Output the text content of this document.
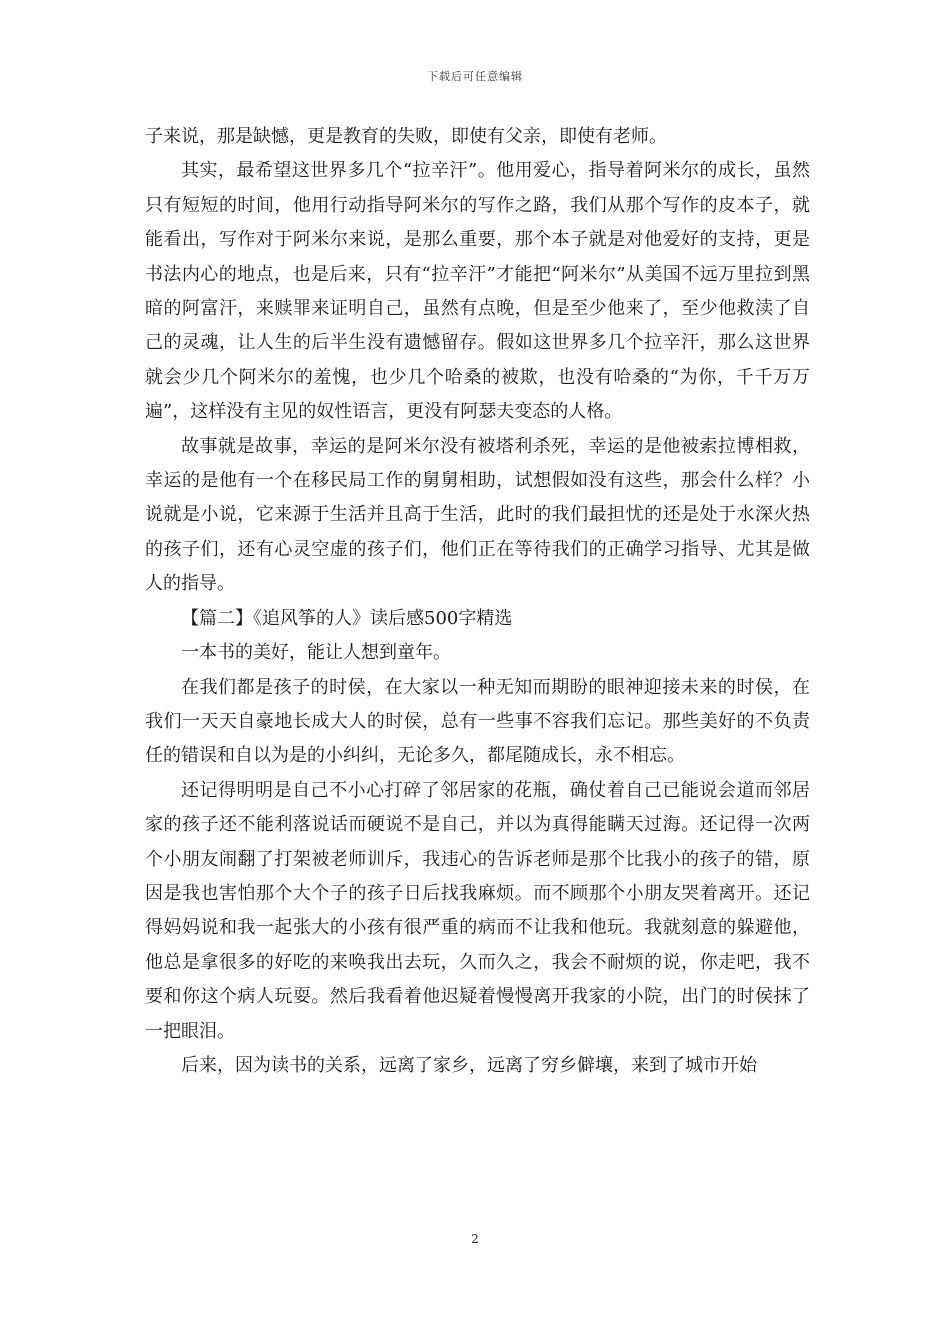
下载后可任意编辑

子来说，那是缺憾，更是教育的失败，即使有父亲，即使有老师。

其实，最希望这世界多几个“拉辛汗”。他用爱心，指导着阿米尔的成长，虽然只有短短的时间，他用行动指导阿米尔的写作之路，我们从那个写作的皮本子，就能看出，写作对于阿米尔来说，是那么重要，那个本子就是对他爱好的支持，更是书法内心的地点，也是后来，只有“拉辛汗”才能把“阿米尔”从美国不远万里拉到黑暗的阿富汗，来赎罪来证明自己，虽然有点晚，但是至少他来了，至少他救渎了自己的灵魂，让人生的后半生没有遗憾留存。假如这世界多几个拉辛汗，那么这世界就会少几个阿米尔的羞愧，也少几个哈桑的被欺，也没有哈桑的“为你，千千万万遍”，这样没有主见的奴性语言，更没有阿瑟夫变态的人格。

故事就是故事，幸运的是阿米尔没有被塔利杀死，幸运的是他被索拉博相救，幸运的是他有一个在移民局工作的舅舅相助，试想假如没有这些，那会什么样？小说就是小说，它来源于生活并且高于生活，此时的我们最担忧的还是处于水深火热的孩子们，还有心灵空虚的孩子们，他们正在等待我们的正确学习指导、尤其是做人的指导。

【篇二】《追风筝的人》读后感500字精选

一本书的美好，能让人想到童年。

在我们都是孩子的时侯，在大家以一种无知而期盼的眼神迎接未来的时侯，在我们一天天自豪地长成大人的时侯，总有一些事不容我们忘记。那些美好的不负责任的错误和自以为是的小纠纠，无论多久，都尾随成长，永不相忘。

还记得明明是自己不小心打碎了邻居家的花瓶，确仗着自己已能说会道而邻居家的孩子还不能利落说话而硬说不是自己，并以为真得能瞒天过海。还记得一次两个小朋友闹翻了打架被老师训斥，我违心的告诉老师是那个比我小的孩子的错，原因是我也害怕那个大个子的孩子日后找我麻烦。而不顾那个小朋友哭着离开。还记得妈妈说和我一起张大的小孩有很严重的病而不让我和他玩。我就刻意的躲避他，他总是拿很多的好吃的来唤我出去玩，久而久之，我会不耐烦的说，你走吧，我不要和你这个病人玩耍。然后我看着他迟疑着慢慢离开我家的小院，出门的时侯抹了一把眼泪。

后来，因为读书的关系，远离了家乡，远离了穷乡僻壤，来到了城市开始

2
